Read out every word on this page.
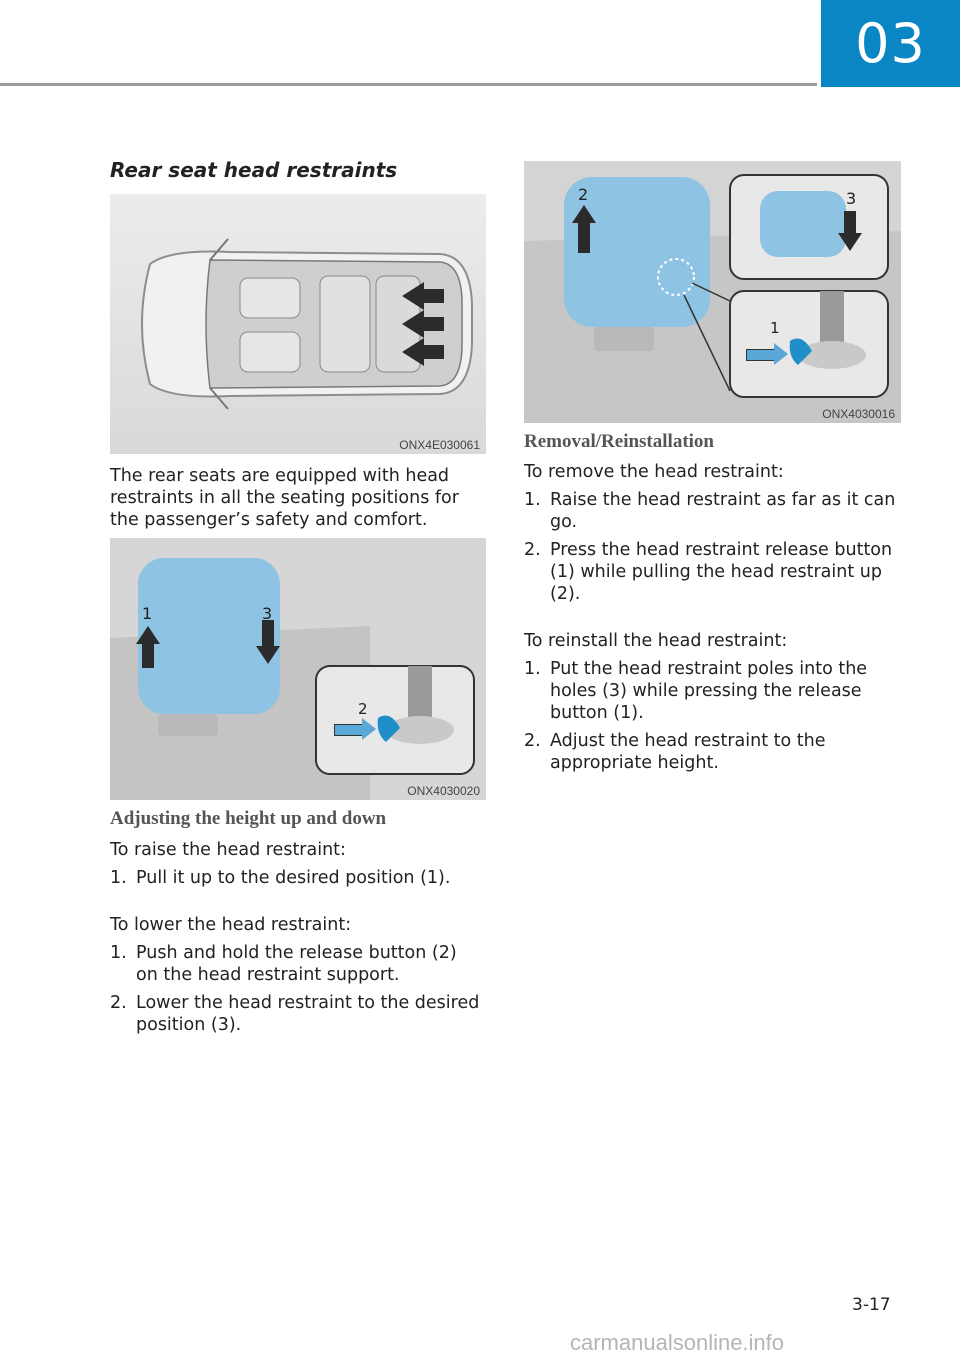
03
Rear seat head restraints
ONX4E030061

The rear seats are equipped with head restraints in all the seating positions for the passenger’s safety and comfort.

1	3
2
ONX4030020
Adjusting the height up and down

To raise the head restraint:

1. Pull it up to the desired position (1).

To lower the head restraint:

1. Push and hold the release button (2) on the head restraint support.
2. Lower the head restraint to the desired position (3).
2	3
1
ONX4030016
Removal/Reinstallation

To remove the head restraint:

1. Raise the head restraint as far as it can go.
2. Press the head restraint release button (1) while pulling the head restraint up (2).

To reinstall the head restraint:

1. Put the head restraint poles into the holes (3) while pressing the release button (1).
2. Adjust the head restraint to the appropriate height.
3-17
carmanualsonline.info
